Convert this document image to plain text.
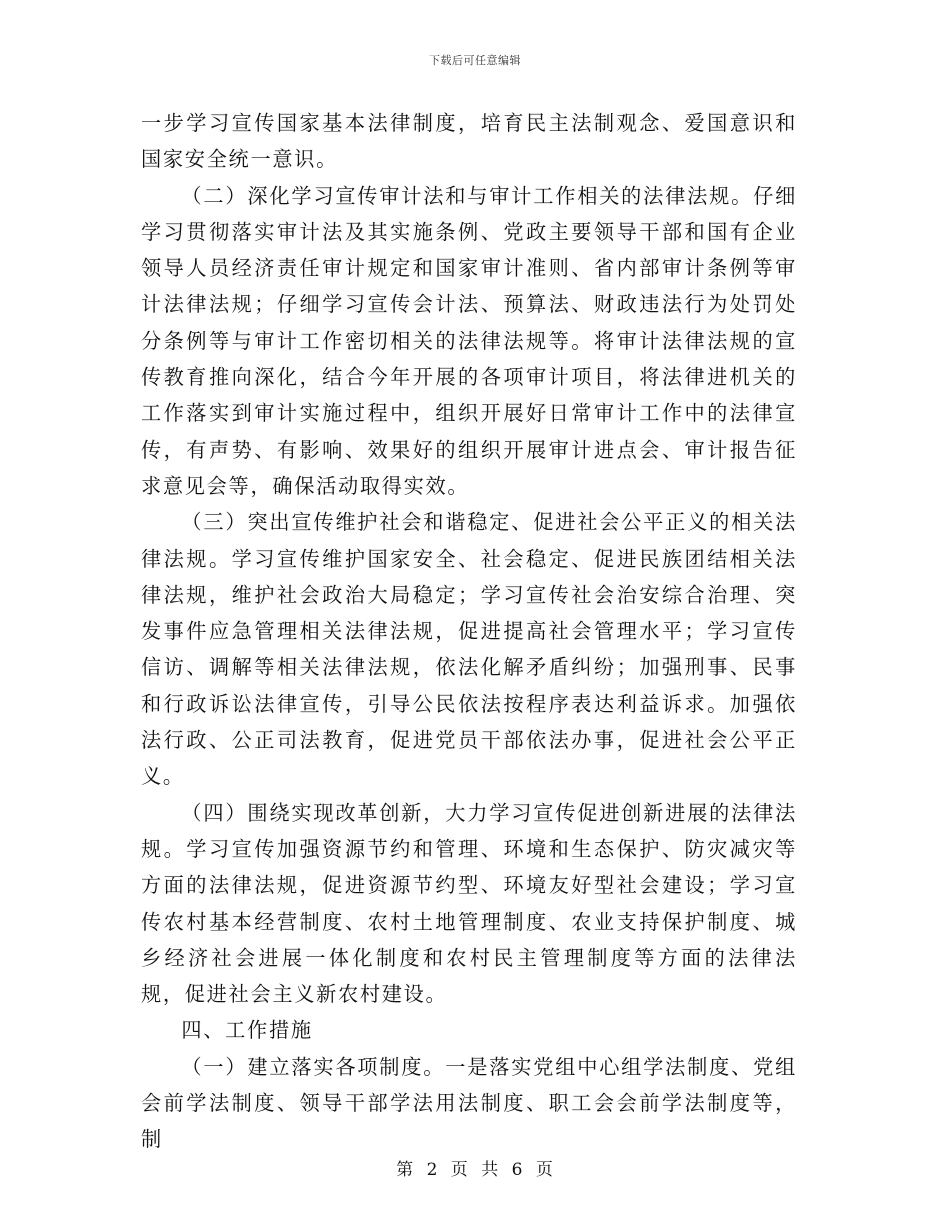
下载后可任意编辑

一步学习宣传国家基本法律制度，培育民主法制观念、爱国意识和国家安全统一意识。

（二）深化学习宣传审计法和与审计工作相关的法律法规。仔细学习贯彻落实审计法及其实施条例、党政主要领导干部和国有企业领导人员经济责任审计规定和国家审计准则、省内部审计条例等审计法律法规；仔细学习宣传会计法、预算法、财政违法行为处罚处分条例等与审计工作密切相关的法律法规等。将审计法律法规的宣传教育推向深化，结合今年开展的各项审计项目，将法律进机关的工作落实到审计实施过程中，组织开展好日常审计工作中的法律宣传，有声势、有影响、效果好的组织开展审计进点会、审计报告征求意见会等，确保活动取得实效。

（三）突出宣传维护社会和谐稳定、促进社会公平正义的相关法律法规。学习宣传维护国家安全、社会稳定、促进民族团结相关法律法规，维护社会政治大局稳定；学习宣传社会治安综合治理、突发事件应急管理相关法律法规，促进提高社会管理水平；学习宣传信访、调解等相关法律法规，依法化解矛盾纠纷；加强刑事、民事和行政诉讼法律宣传，引导公民依法按程序表达利益诉求。加强依法行政、公正司法教育，促进党员干部依法办事，促进社会公平正义。

（四）围绕实现改革创新，大力学习宣传促进创新进展的法律法规。学习宣传加强资源节约和管理、环境和生态保护、防灾减灾等方面的法律法规，促进资源节约型、环境友好型社会建设；学习宣传农村基本经营制度、农村土地管理制度、农业支持保护制度、城乡经济社会进展一体化制度和农村民主管理制度等方面的法律法规，促进社会主义新农村建设。

四、工作措施

（一）建立落实各项制度。一是落实党组中心组学法制度、党组会前学法制度、领导干部学法用法制度、职工会会前学法制度等，制

第 2 页 共 6 页
